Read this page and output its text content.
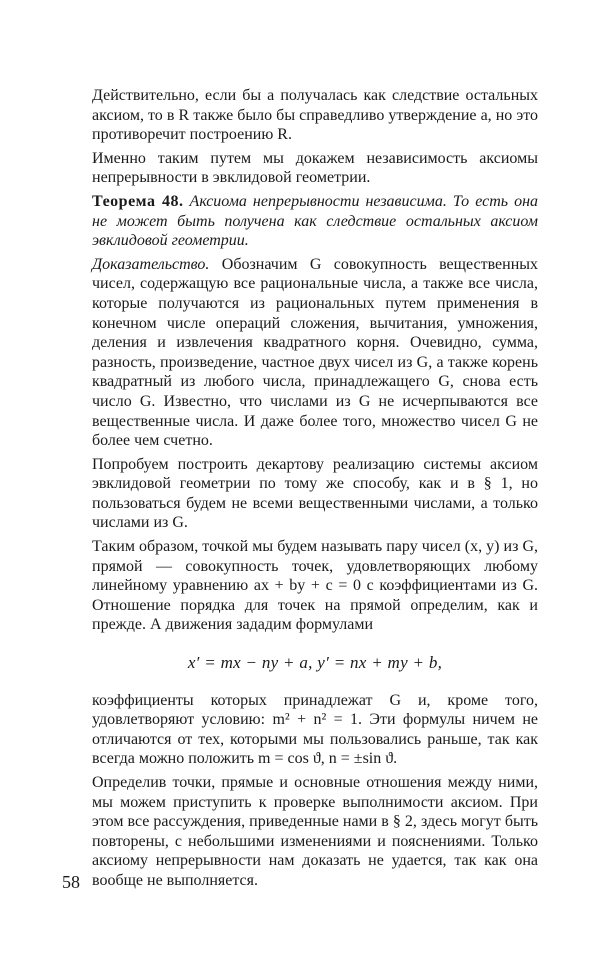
Действительно, если бы a получалась как следствие остальных аксиом, то в R также было бы справедливо утверждение a, но это противоречит построению R.

Именно таким путем мы докажем независимость аксиомы непрерывности в эвклидовой геометрии.

Теорема 48. Аксиома непрерывности независима. То есть она не может быть получена как следствие остальных аксиом эвклидовой геометрии.

Доказательство. Обозначим G совокупность вещественных чисел, содержащую все рациональные числа, а также все числа, которые получаются из рациональных путем применения в конечном числе операций сложения, вычитания, умножения, деления и извлечения квадратного корня. Очевидно, сумма, разность, произведение, частное двух чисел из G, а также корень квадратный из любого числа, принадлежащего G, снова есть число G. Известно, что числами из G не исчерпываются все вещественные числа. И даже более того, множество чисел G не более чем счетно.

Попробуем построить декартову реализацию системы аксиом эвклидовой геометрии по тому же способу, как и в § 1, но пользоваться будем не всеми вещественными числами, а только числами из G.

Таким образом, точкой мы будем называть пару чисел (x, y) из G, прямой — совокупность точек, удовлетворяющих любому линейному уравнению ax + by + c = 0 с коэффициентами из G. Отношение порядка для точек на прямой определим, как и прежде. А движения зададим формулами

x′ = mx − ny + a, y′ = nx + my + b,

коэффициенты которых принадлежат G и, кроме того, удовлетворяют условию: m² + n² = 1. Эти формулы ничем не отличаются от тех, которыми мы пользовались раньше, так как всегда можно положить m = cos ϑ, n = ±sin ϑ.

Определив точки, прямые и основные отношения между ними, мы можем приступить к проверке выполнимости аксиом. При этом все рассуждения, приведенные нами в § 2, здесь могут быть повторены, с небольшими изменениями и пояснениями. Только аксиому непрерывности нам доказать не удается, так как она вообще не выполняется.

58
